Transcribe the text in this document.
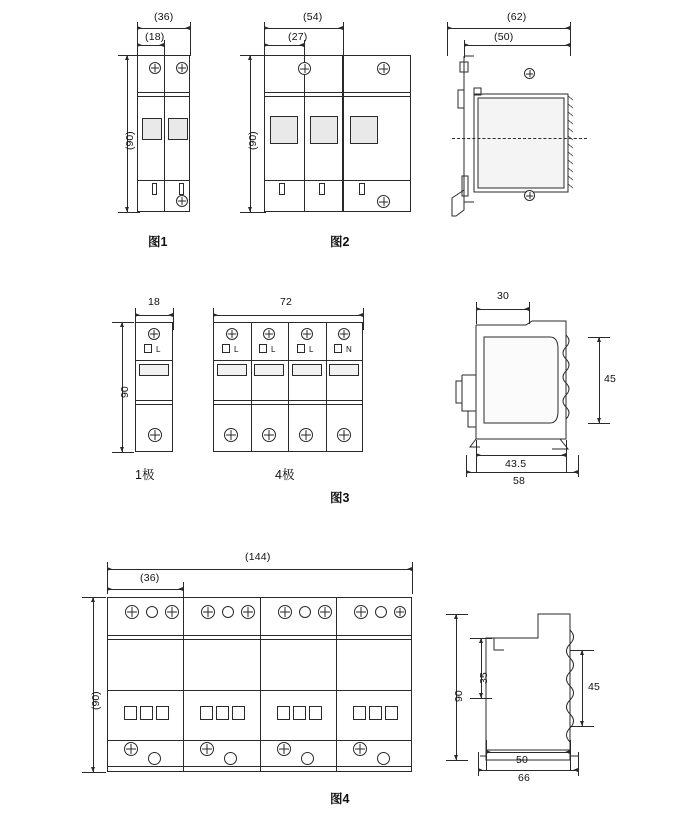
(36)
(18)
(90)
图1
(54)
(27)
(90)
图2
(62)
(50)
18
L
90
1极
72
L	L	L	N
4极
图3
30
45
43.5
58
(144)
(36)
(90)
图4
90
35
45
50
66
